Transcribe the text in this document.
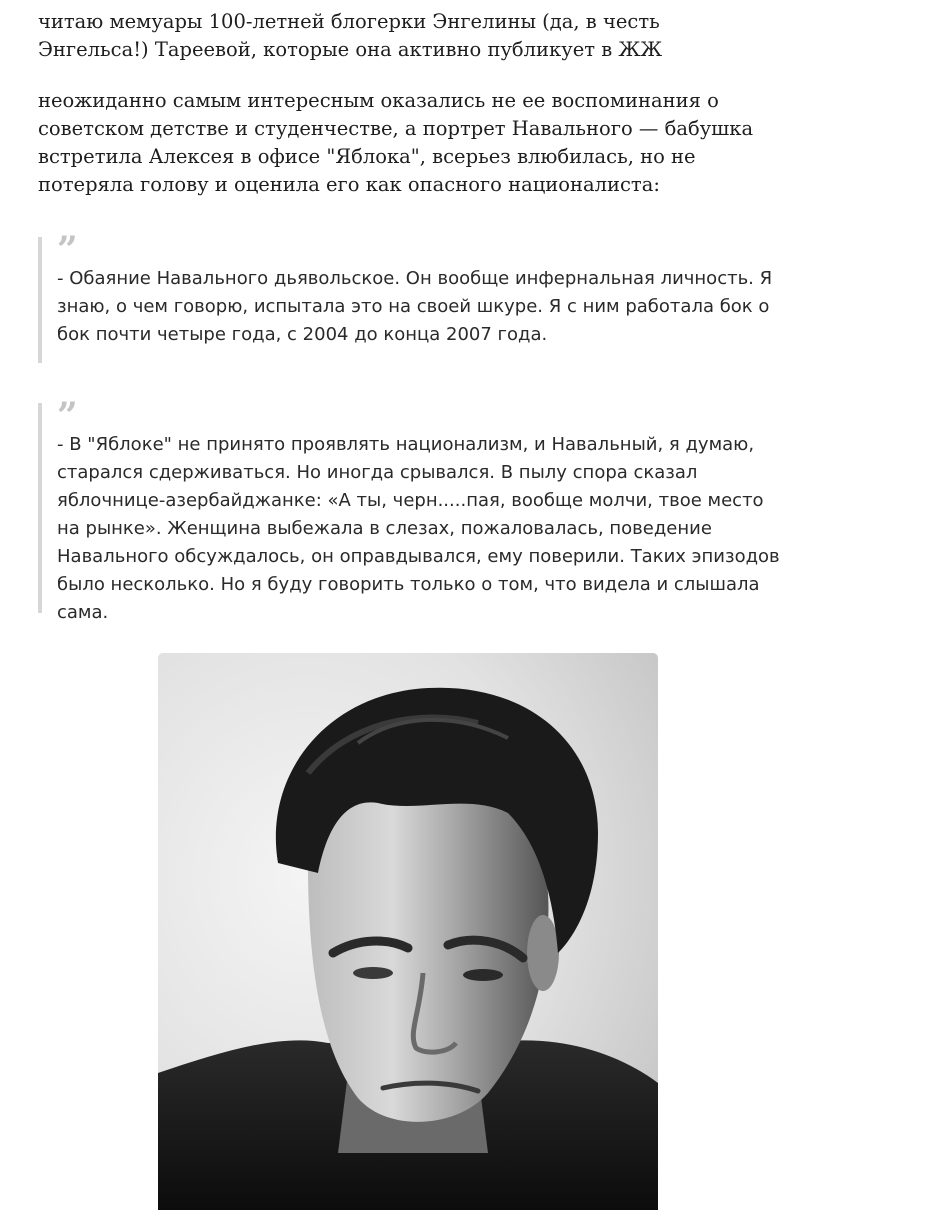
читаю мемуары 100-летней блогерки Энгелины (да, в честь Энгельса!) Тареевой, которые она активно публикует в ЖЖ

неожиданно самым интересным оказались не ее воспоминания о советском детстве и студенчестве, а портрет Навального — бабушка встретила Алексея в офисе "Яблока", всерьез влюбилась, но не потеряла голову и оценила его как опасного националиста:

”

- Обаяние Навального дьявольское. Он вообще инфернальная личность. Я знаю, о чем говорю, испытала это на своей шкуре. Я с ним работала бок о бок почти четыре года, с 2004 до конца 2007 года.

”

- В "Яблоке" не принято проявлять национализм, и Навальный, я думаю, старался сдерживаться. Но иногда срывался. В пылу спора сказал яблочнице-азербайджанке: «А ты, черн.....пая, вообще молчи, твое место на рынке». Женщина выбежала в слезах, пожаловалась, поведение Навального обсуждалось, он оправдывался, ему поверили. Таких эпизодов было несколько. Но я буду говорить только о том, что видела и слышала сама.
